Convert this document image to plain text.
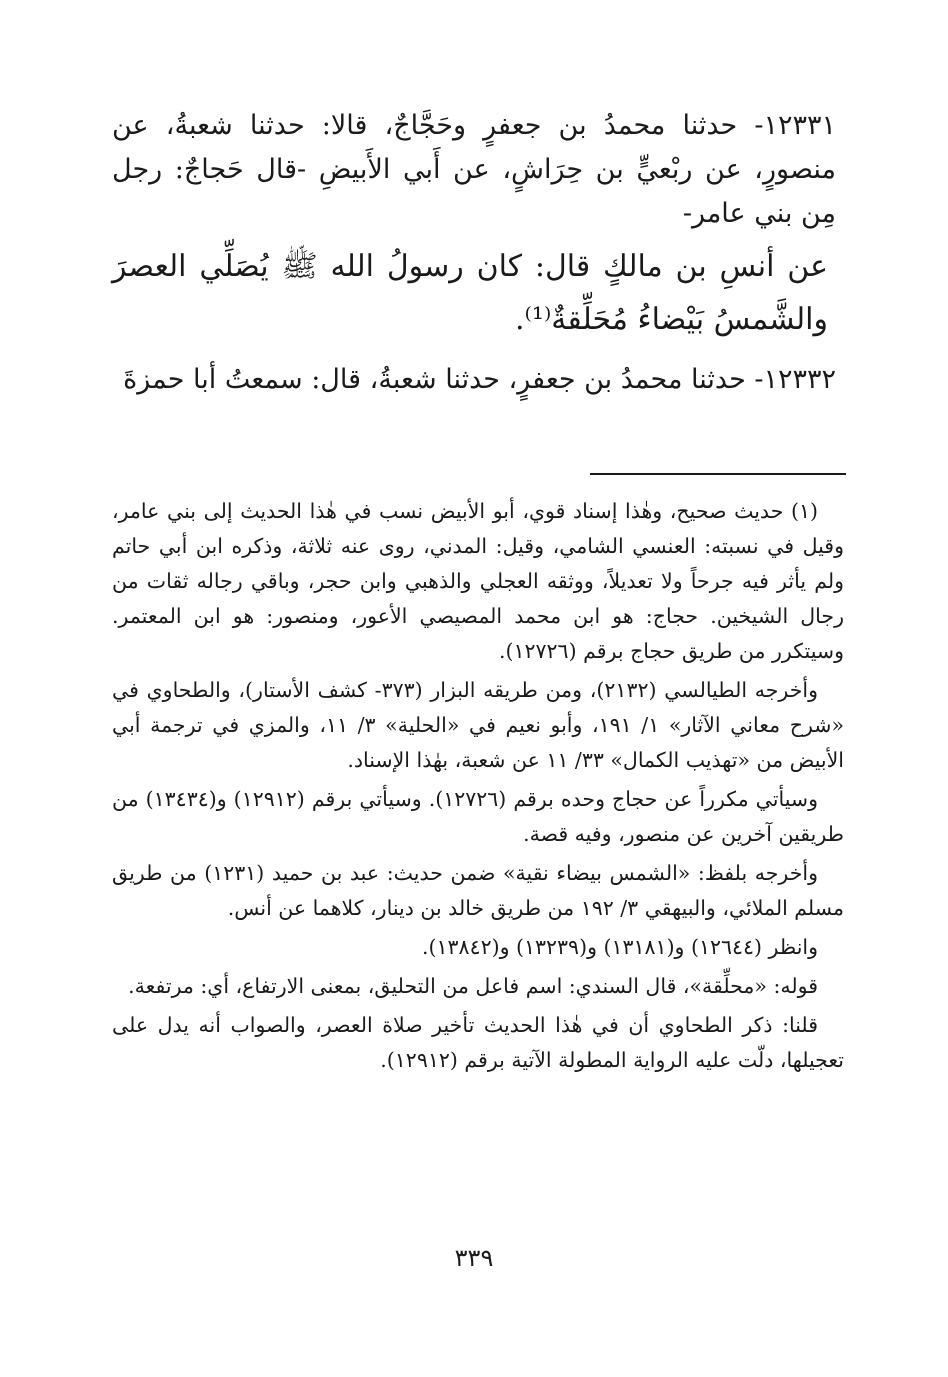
١٢٣٣١- حدثنا محمدُ بن جعفرٍ وحَجَّاجٌ، قالا: حدثنا شعبةُ، عن منصورٍ، عن ربْعيٍّ بن حِرَاشٍ، عن أَبي الأَبيضِ -قال حَجاجٌ: رجل مِن بني عامر-

عن أنسِ بن مالكٍ قال: كان رسولُ الله ﷺ يُصَلِّي العصرَ والشَّمسُ بَيْضاءُ مُحَلِّقةٌ⁽¹⁾.

١٢٣٣٢- حدثنا محمدُ بن جعفرٍ، حدثنا شعبةُ، قال: سمعتُ أبا حمزةَ

(١) حديث صحيح، وهٰذا إسناد قوي، أبو الأبيض نسب في هٰذا الحديث إلى بني عامر، وقيل في نسبته: العنسي الشامي، وقيل: المدني، روى عنه ثلاثة، وذكره ابن أبي حاتم ولم يأثر فيه جرحاً ولا تعديلاً، ووثقه العجلي والذهبي وابن حجر، وباقي رجاله ثقات من رجال الشيخين. حجاج: هو ابن محمد المصيصي الأعور، ومنصور: هو ابن المعتمر. وسيتكرر من طريق حجاج برقم (١٢٧٢٦).

وأخرجه الطيالسي (٢١٣٢)، ومن طريقه البزار (٣٧٣- كشف الأستار)، والطحاوي في «شرح معاني الآثار» ١/ ١٩١، وأبو نعيم في «الحلية» ٣/ ١١، والمزي في ترجمة أبي الأبيض من «تهذيب الكمال» ٣٣/ ١١ عن شعبة، بهٰذا الإسناد.

وسيأتي مكرراً عن حجاج وحده برقم (١٢٧٢٦). وسيأتي برقم (١٢٩١٢) و(١٣٤٣٤) من طريقين آخرين عن منصور، وفيه قصة.

وأخرجه بلفظ: «الشمس بيضاء نقية» ضمن حديث: عبد بن حميد (١٢٣١) من طريق مسلم الملائي، والبيهقي ٣/ ١٩٢ من طريق خالد بن دينار، كلاهما عن أنس.

وانظر (١٢٦٤٤) و(١٣١٨١) و(١٣٢٣٩) و(١٣٨٤٢).

قوله: «محلِّقة»، قال السندي: اسم فاعل من التحليق، بمعنى الارتفاع، أي: مرتفعة.

قلنا: ذكر الطحاوي أن في هٰذا الحديث تأخير صلاة العصر، والصواب أنه يدل على تعجيلها، دلّت عليه الرواية المطولة الآتية برقم (١٢٩١٢).

٣٣٩
